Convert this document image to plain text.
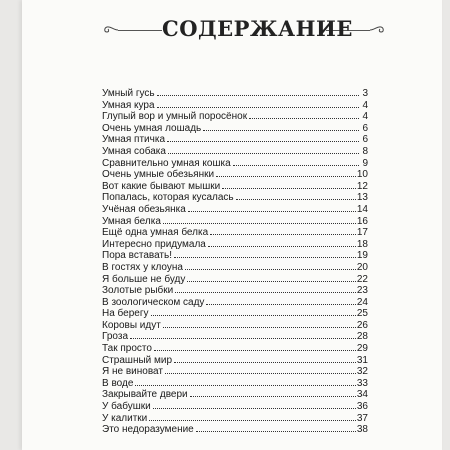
СОДЕРЖАНИЕ
Умный гусь	3
Умная кура	4
Глупый вор и умный поросёнок	4
Очень умная лошадь	6
Умная птичка	6
Умная собака	8
Сравнительно умная кошка	9
Очень умные обезьянки	10
Вот какие бывают мышки	12
Попалась, которая кусалась	13
Учёная обезьянка	14
Умная белка	16
Ещё одна умная белка	17
Интересно придумала	18
Пора вставать!	19
В гостях у клоуна	20
Я больше не буду	22
Золотые рыбки	23
В зоологическом саду	24
На берегу	25
Коровы идут	26
Гроза	28
Так просто	29
Страшный мир	31
Я не виноват	32
В воде	33
Закрывайте двери	34
У бабушки	36
У калитки	37
Это недоразумение	38
